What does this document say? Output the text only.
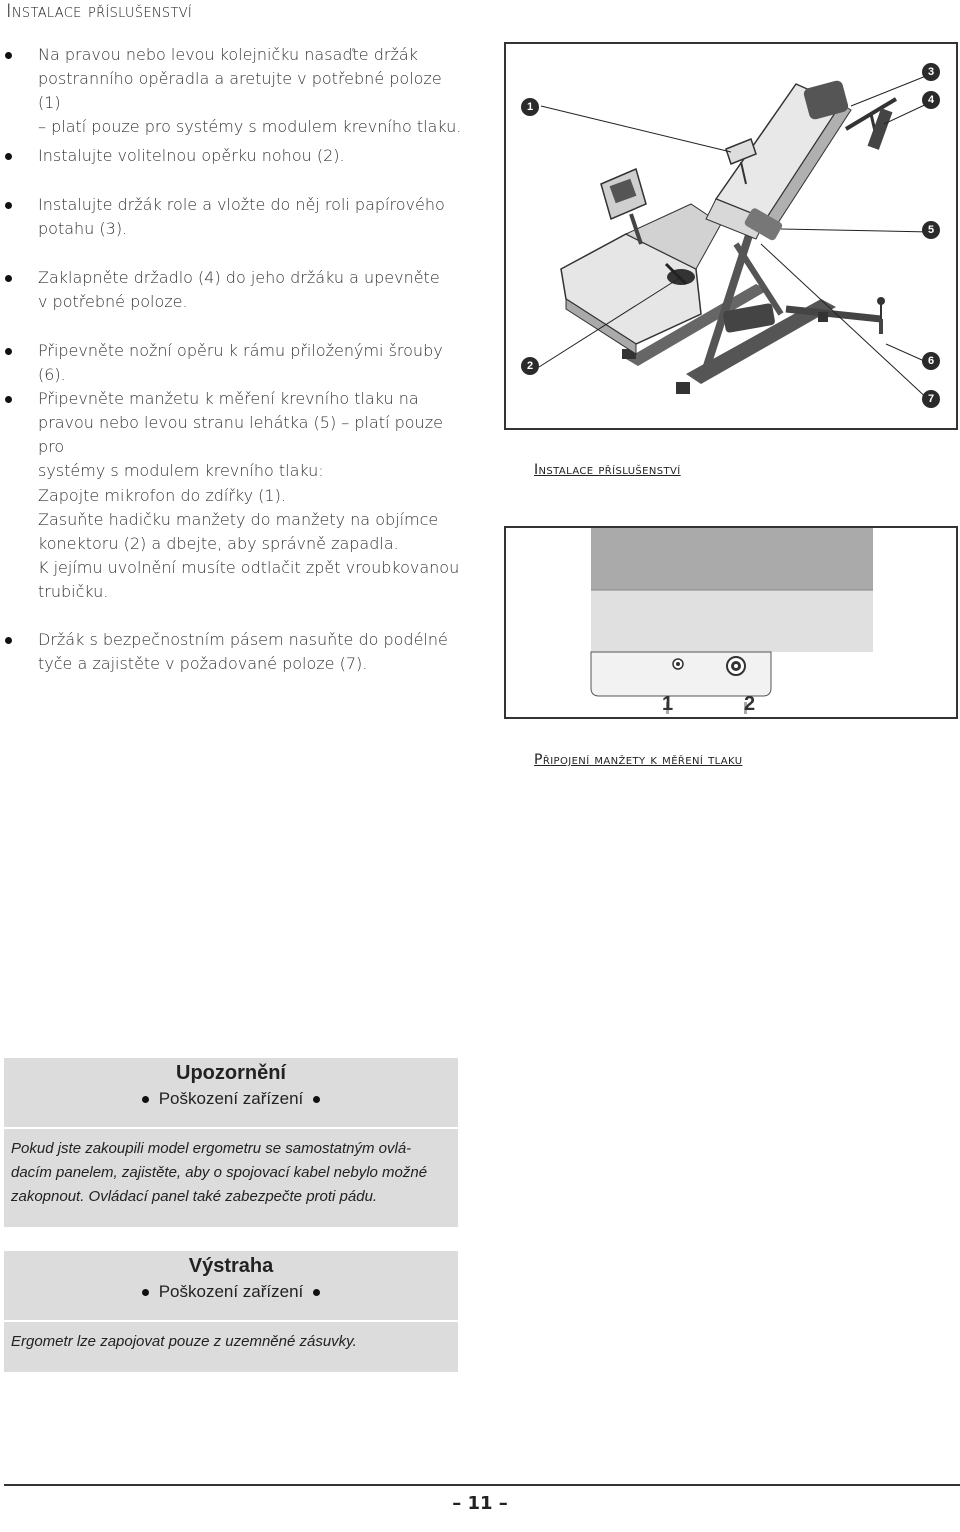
Instalace příslušenství
Na pravou nebo levou kolejničku nasaďte držák
postranního opěradla a aretujte v potřebné poloze (1)
– platí pouze pro systémy s modulem krevního tlaku.
Instalujte volitelnou opěrku nohou (2).
Instalujte držák role a vložte do něj roli papírového
potahu (3).
Zaklapněte držadlo (4) do jeho držáku a upevněte
v potřebné poloze.
Připevněte nožní opěru k rámu přiloženými šrouby (6).
Připevněte manžetu k měření krevního tlaku na
pravou nebo levou stranu lehátka (5) – platí pouze pro
systémy s modulem krevního tlaku:
Zapojte mikrofon do zdířky (1).
Zasuňte hadičku manžety do manžety na objímce
konektoru (2) a dbejte, aby správně zapadla.
K jejímu uvolnění musíte odtlačit zpět vroubkovanou
trubičku.
Držák s bezpečnostním pásem nasuňte do podélné
tyče a zajistěte v požadované poloze (7).
1
2
3
4
5
6
7
Instalace příslušenství
1	2
Připojení manžety k měření tlaku
Upozornění
Poškození zařízení
Pokud jste zakoupili model ergometru se samostatným ovlá-
dacím panelem, zajistěte, aby o spojovací kabel nebylo možné
zakopnout. Ovládací panel také zabezpečte proti pádu.
Výstraha
Poškození zařízení
Ergometr lze zapojovat pouze z uzemněné zásuvky.
– 11 –
